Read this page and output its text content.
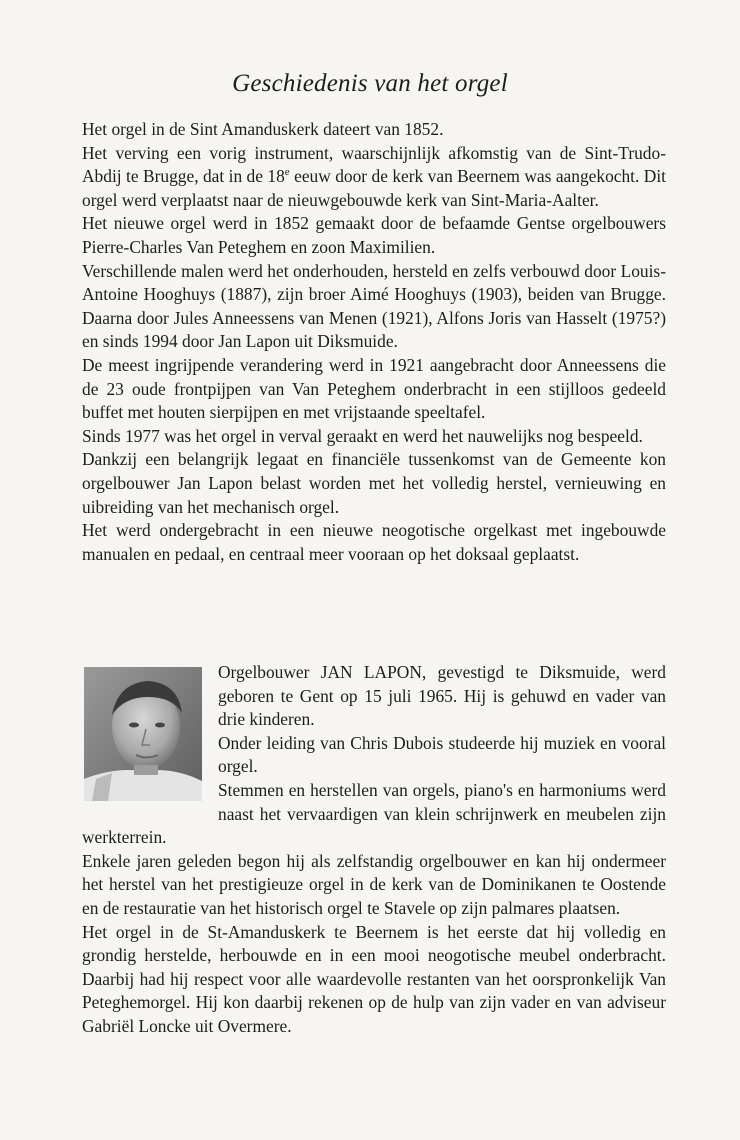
Geschiedenis van het orgel

Het orgel in de Sint Amanduskerk dateert van 1852.

Het verving een vorig instrument, waarschijnlijk afkomstig van de Sint-Trudo-Abdij te Brugge, dat in de 18e eeuw door de kerk van Beernem was aangekocht. Dit orgel werd verplaatst naar de nieuwgebouwde kerk van Sint-Maria-Aalter.

Het nieuwe orgel werd in 1852 gemaakt door de befaamde Gentse orgelbouwers Pierre-Charles Van Peteghem en zoon Maximilien.

Verschillende malen werd het onderhouden, hersteld en zelfs verbouwd door Louis-Antoine Hooghuys (1887), zijn broer Aimé Hooghuys (1903), beiden van Brugge. Daarna door Jules Anneessens van Menen (1921), Alfons Joris van Hasselt (1975?) en sinds 1994 door Jan Lapon uit Diksmuide.

De meest ingrijpende verandering werd in 1921 aangebracht door Anneessens die de 23 oude frontpijpen van Van Peteghem onderbracht in een stijlloos gedeeld buffet met houten sierpijpen en met vrijstaande speeltafel.

Sinds 1977 was het orgel in verval geraakt en werd het nauwelijks nog bespeeld.

Dankzij een belangrijk legaat en financiële tussenkomst van de Gemeente kon orgelbouwer Jan Lapon belast worden met het volledig herstel, vernieuwing en uibreiding van het mechanisch orgel.

Het werd ondergebracht in een nieuwe neogotische orgelkast met ingebouwde manualen en pedaal, en centraal meer vooraan op het doksaal geplaatst.

Orgelbouwer JAN LAPON, gevestigd te Diksmuide, werd geboren te Gent op 15 juli 1965. Hij is gehuwd en vader van drie kinderen.

Onder leiding van Chris Dubois studeerde hij muziek en vooral orgel.

Stemmen en herstellen van orgels, piano's en harmoniums werd naast het vervaardigen van klein schrijnwerk en meubelen zijn werkterrein.

Enkele jaren geleden begon hij als zelfstandig orgelbouwer en kan hij ondermeer het herstel van het prestigieuze orgel in de kerk van de Dominikanen te Oostende en de restauratie van het historisch orgel te Stavele op zijn palmares plaatsen.

Het orgel in de St-Amanduskerk te Beernem is het eerste dat hij volledig en grondig herstelde, herbouwde en in een mooi neogotische meubel onderbracht. Daarbij had hij respect voor alle waardevolle restanten van het oorspronkelijk Van Peteghemorgel. Hij kon daarbij rekenen op de hulp van zijn vader en van adviseur Gabriël Loncke uit Overmere.
